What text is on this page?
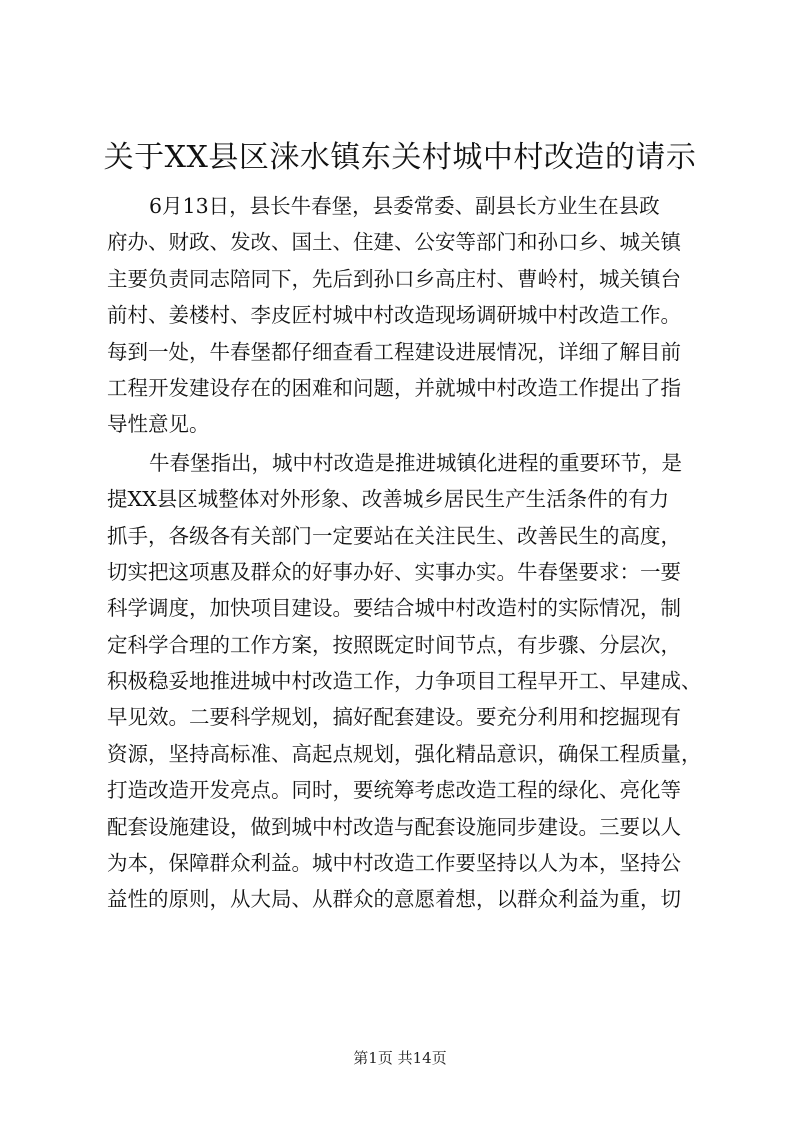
关于XX县区涞水镇东关村城中村改造的请示
6月13日，县长牛春堡，县委常委、副县长方业生在县政
府办、财政、发改、国土、住建、公安等部门和孙口乡、城关镇
主要负责同志陪同下，先后到孙口乡高庄村、曹岭村，城关镇台
前村、姜楼村、李皮匠村城中村改造现场调研城中村改造工作。
每到一处，牛春堡都仔细查看工程建设进展情况，详细了解目前
工程开发建设存在的困难和问题，并就城中村改造工作提出了指
导性意见。
牛春堡指出，城中村改造是推进城镇化进程的重要环节，是
提XX县区城整体对外形象、改善城乡居民生产生活条件的有力
抓手，各级各有关部门一定要站在关注民生、改善民生的高度，
切实把这项惠及群众的好事办好、实事办实。牛春堡要求：一要
科学调度，加快项目建设。要结合城中村改造村的实际情况，制
定科学合理的工作方案，按照既定时间节点，有步骤、分层次，
积极稳妥地推进城中村改造工作，力争项目工程早开工、早建成、
早见效。二要科学规划，搞好配套建设。要充分利用和挖掘现有
资源，坚持高标准、高起点规划，强化精品意识，确保工程质量，
打造改造开发亮点。同时，要统筹考虑改造工程的绿化、亮化等
配套设施建设，做到城中村改造与配套设施同步建设。三要以人
为本，保障群众利益。城中村改造工作要坚持以人为本，坚持公
益性的原则，从大局、从群众的意愿着想，以群众利益为重，切
第1页 共14页
